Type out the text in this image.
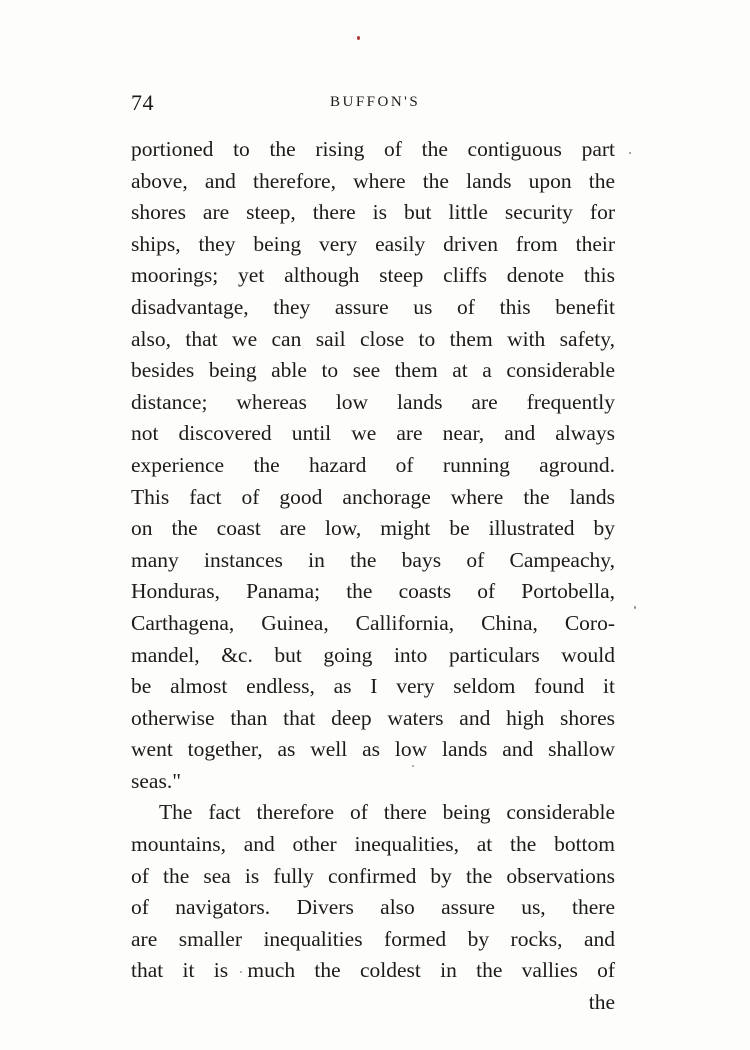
74	BUFFON'S
portioned to the rising of the contiguous part
above, and therefore, where the lands upon the
shores are steep, there is but little security for
ships, they being very easily driven from their
moorings; yet although steep cliffs denote this
disadvantage, they assure us of this benefit
also, that we can sail close to them with safety,
besides being able to see them at a considerable
distance; whereas low lands are frequently
not discovered until we are near, and always
experience the hazard of running aground.
This fact of good anchorage where the lands
on the coast are low, might be illustrated by
many instances in the bays of Campeachy,
Honduras, Panama; the coasts of Portobella,
Carthagena, Guinea, Callifornia, China, Coro-
mandel, &c. but going into particulars would
be almost endless, as I very seldom found it
otherwise than that deep waters and high shores
went together, as well as low lands and shallow
seas."
The fact therefore of there being considerable
mountains, and other inequalities, at the bottom
of the sea is fully confirmed by the observations
of navigators. Divers also assure us, there
are smaller inequalities formed by rocks, and
that it is much the coldest in the vallies of
the
